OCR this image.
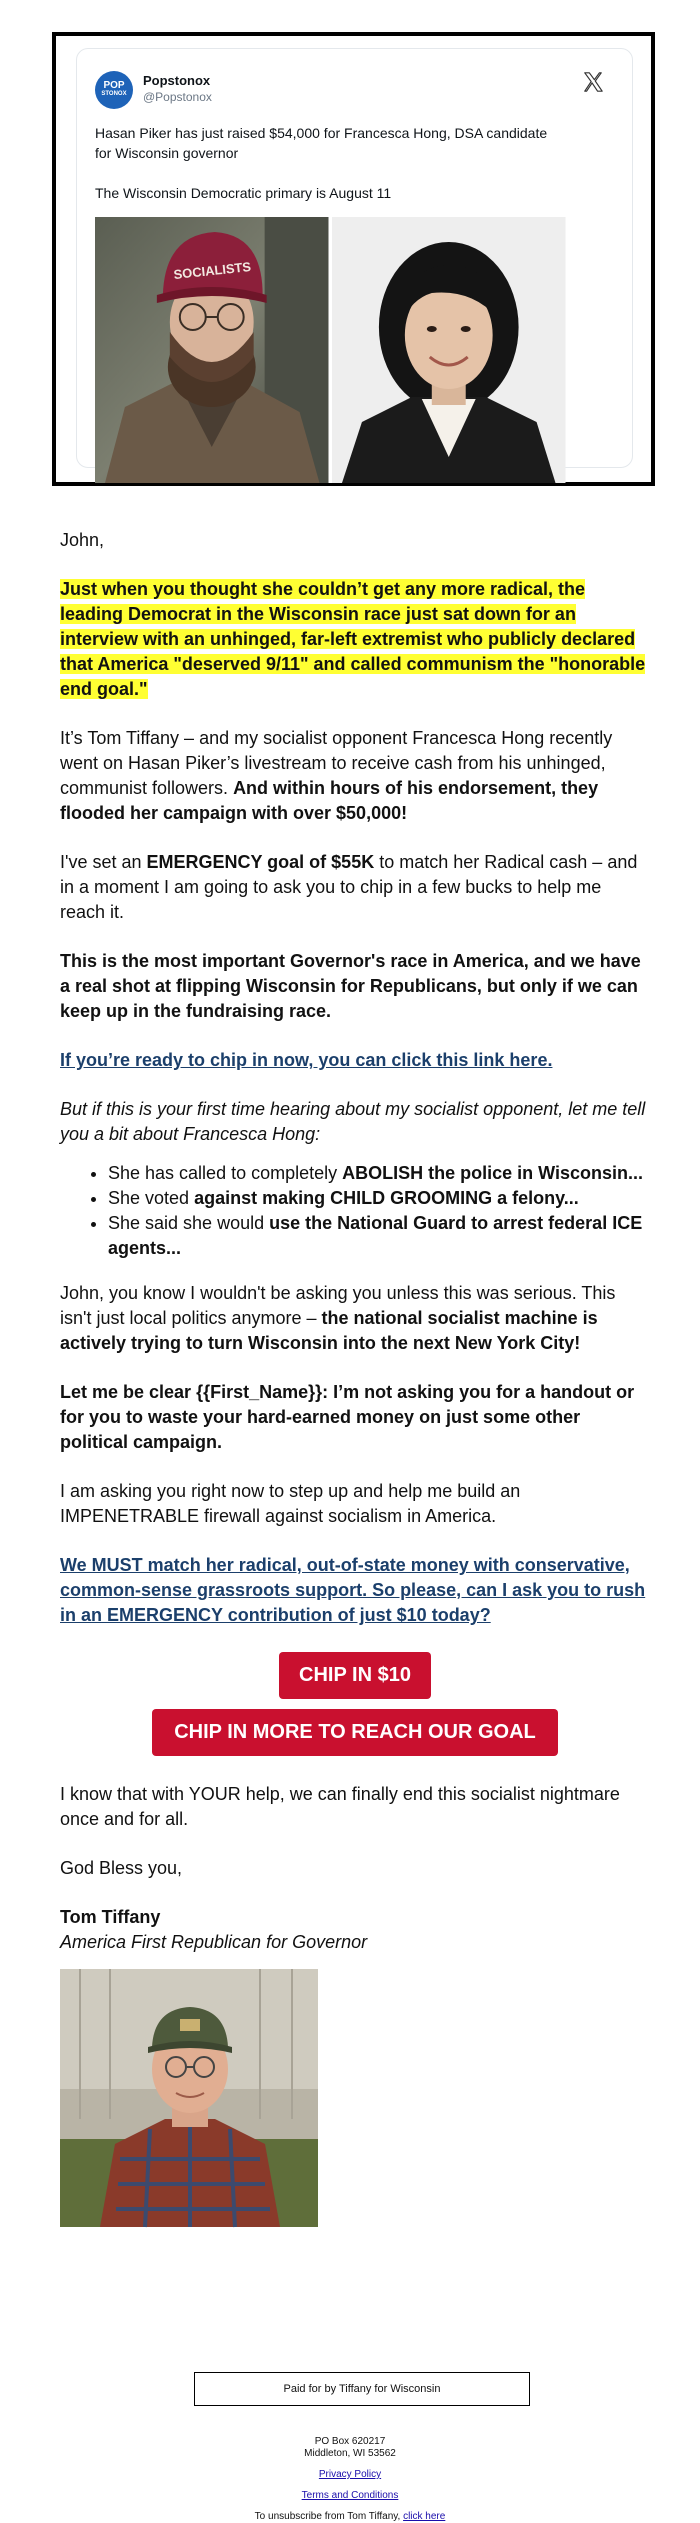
POP
STONOX
Popstonox
@Popstonox
Hasan Piker has just raised $54,000 for Francesca Hong, DSA candidate for Wisconsin governor
The Wisconsin Democratic primary is August 11
SOCIALISTS

John,

Just when you thought she couldn’t get any more radical, the leading Democrat in the Wisconsin race just sat down for an interview with an unhinged, far-left extremist who publicly declared that America "deserved 9/11" and called communism the "honorable end goal."

It’s Tom Tiffany – and my socialist opponent Francesca Hong recently went on Hasan Piker’s livestream to receive cash from his unhinged, communist followers. And within hours of his endorsement, they flooded her campaign with over $50,000!

I've set an EMERGENCY goal of $55K to match her Radical cash – and in a moment I am going to ask you to chip in a few bucks to help me reach it.

This is the most important Governor's race in America, and we have a real shot at flipping Wisconsin for Republicans, but only if we can keep up in the fundraising race.

If you’re ready to chip in now, you can click this link here.

But if this is your first time hearing about my socialist opponent, let me tell you a bit about Francesca Hong:

• She has called to completely ABOLISH the police in Wisconsin...
• She voted against making CHILD GROOMING a felony...
• She said she would use the National Guard to arrest federal ICE agents...

John, you know I wouldn't be asking you unless this was serious. This isn't just local politics anymore – the national socialist machine is actively trying to turn Wisconsin into the next New York City!

Let me be clear {{First_Name}}: I’m not asking you for a handout or for you to waste your hard-earned money on just some other political campaign.

I am asking you right now to step up and help me build an IMPENETRABLE firewall against socialism in America.

We MUST match her radical, out-of-state money with conservative, common-sense grassroots support. So please, can I ask you to rush in an EMERGENCY contribution of just $10 today?

CHIP IN $10
CHIP IN MORE TO REACH OUR GOAL

I know that with YOUR help, we can finally end this socialist nightmare once and for all.

God Bless you,

Tom Tiffany

America First Republican for Governor
Paid for by Tiffany for Wisconsin
PO Box 620217
Middleton, WI 53562
Privacy Policy
Terms and Conditions
To unsubscribe from Tom Tiffany, click here
